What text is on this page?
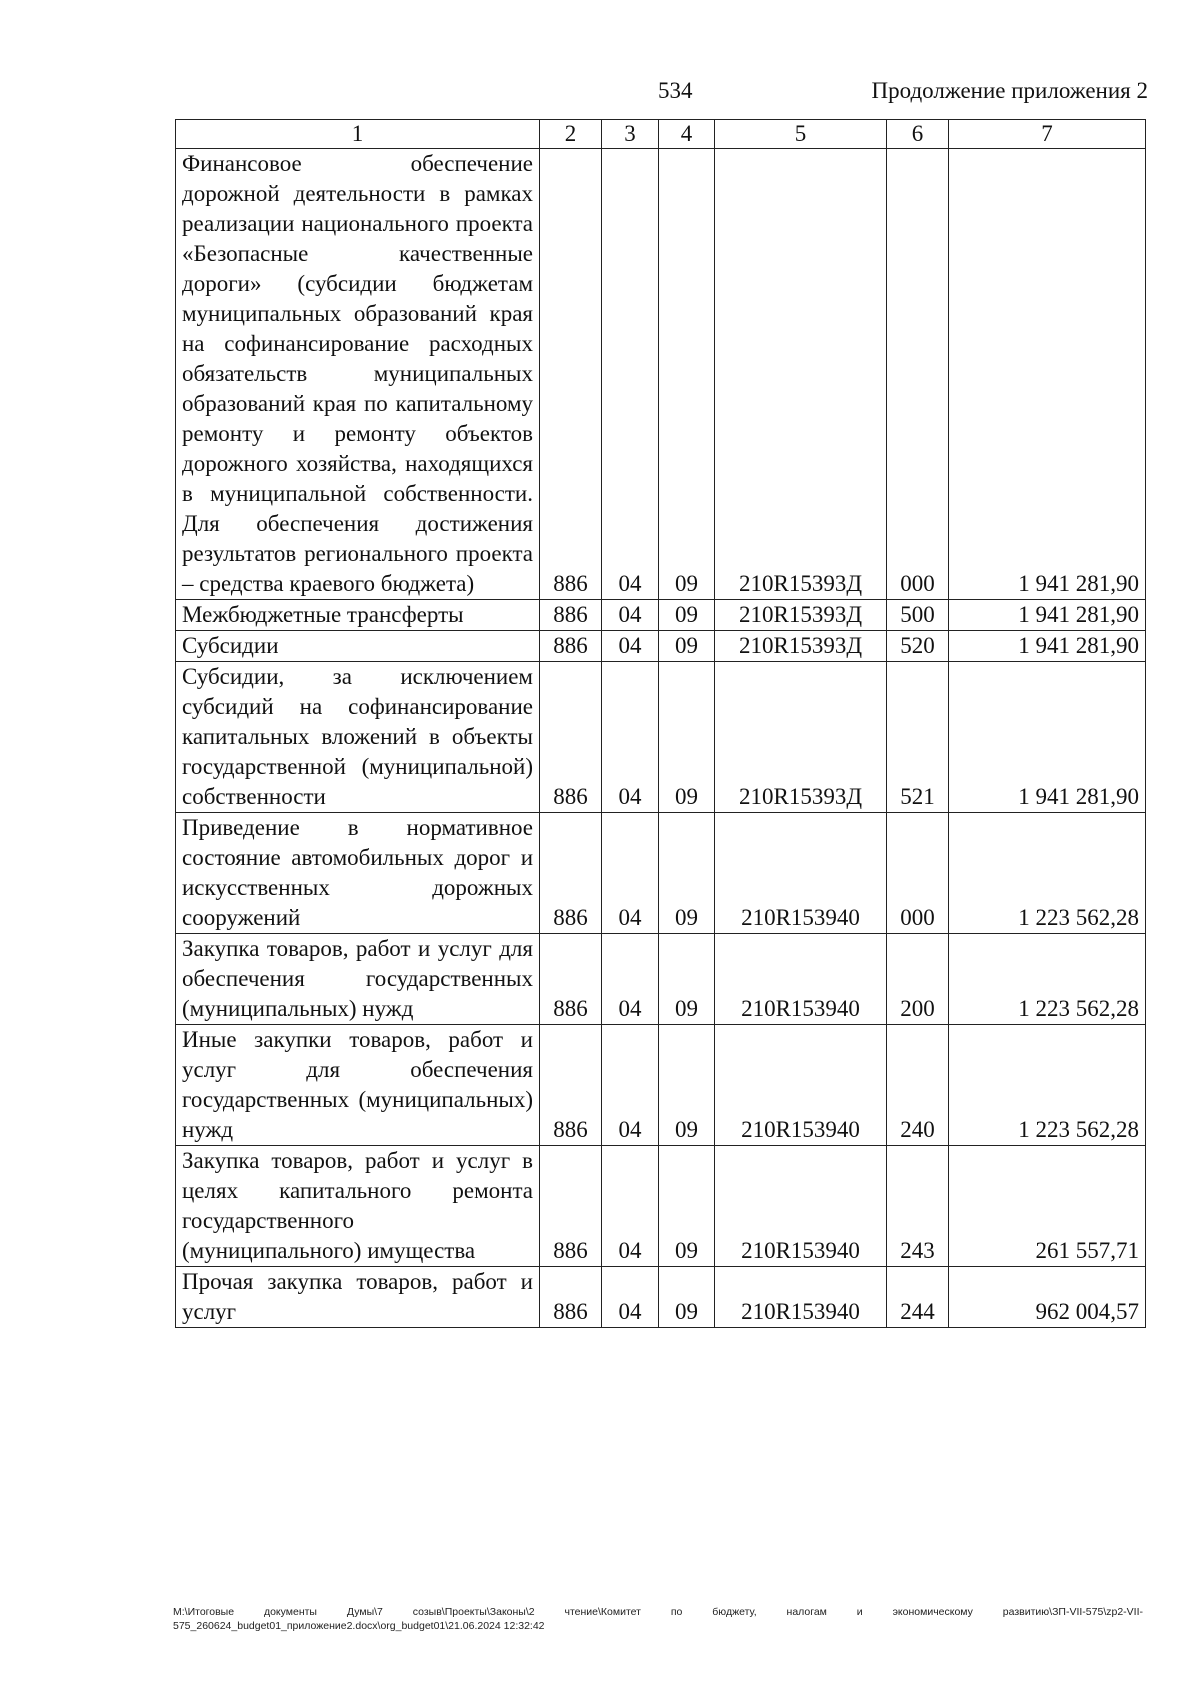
534	Продолжение приложения 2
1	2	3	4	5	6	7
Финансовое обеспечение дорожной деятельности в рамках реализации национального проекта «Безопасные качественные дороги» (субсидии бюджетам муниципальных образований края на софинансирование расходных обязательств муниципальных образований края по капитальному ремонту и ремонту объектов дорожного хозяйства, находящихся в муниципальной собственности. Для обеспечения достижения результатов регионального проекта – средства краевого бюджета)	886	04	09	210R15393Д	000	1 941 281,90
Межбюджетные трансферты	886	04	09	210R15393Д	500	1 941 281,90
Субсидии	886	04	09	210R15393Д	520	1 941 281,90
Субсидии, за исключением субсидий на софинансирование капитальных вложений в объекты государственной (муниципальной) собственности	886	04	09	210R15393Д	521	1 941 281,90
Приведение в нормативное состояние автомобильных дорог и искусственных дорожных сооружений	886	04	09	210R153940	000	1 223 562,28
Закупка товаров, работ и услуг для обеспечения государственных (муниципальных) нужд	886	04	09	210R153940	200	1 223 562,28
Иные закупки товаров, работ и услуг для обеспечения государственных (муниципальных) нужд	886	04	09	210R153940	240	1 223 562,28
Закупка товаров, работ и услуг в целях капитального ремонта государственного (муниципального) имущества	886	04	09	210R153940	243	261 557,71
Прочая закупка товаров, работ и услуг	886	04	09	210R153940	244	962 004,57
M:\Итоговые документы Думы\7 созыв\Проекты\Законы\2 чтение\Комитет по бюджету, налогам и экономическому развитию\ЗП-VII-575\zp2-VII-575_260624_budget01_приложение2.docx\org_budget01\21.06.2024 12:32:42
